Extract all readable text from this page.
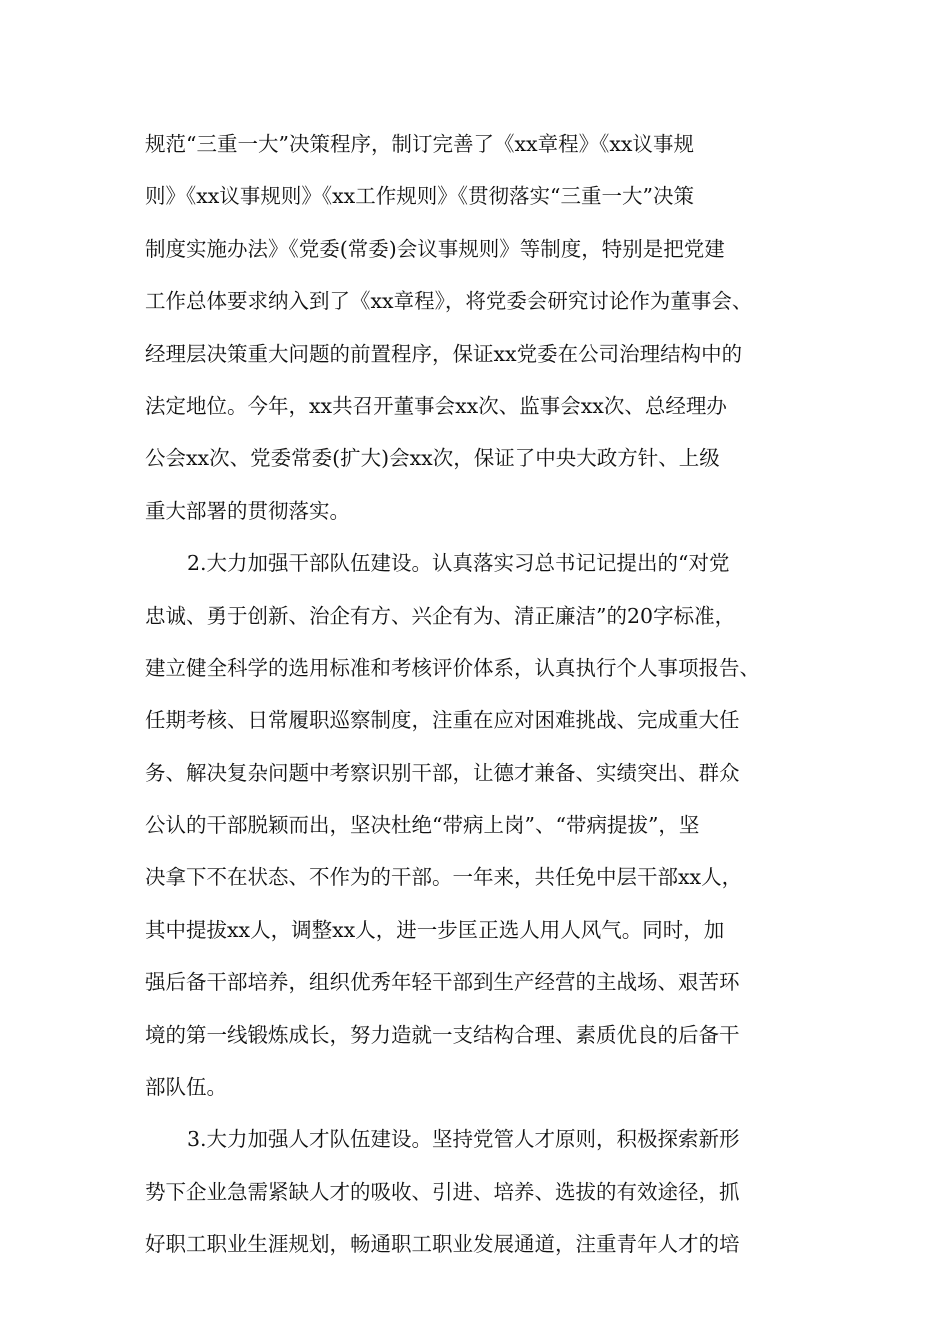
规范“三重一大”决策程序，制订完善了《xx章程》《xx议事规
则》《xx议事规则》《xx工作规则》《贯彻落实“三重一大”决策
制度实施办法》《党委(常委)会议事规则》等制度，特别是把党建
工作总体要求纳入到了《xx章程》，将党委会研究讨论作为董事会、
经理层决策重大问题的前置程序，保证xx党委在公司治理结构中的
法定地位。今年，xx共召开董事会xx次、监事会xx次、总经理办
公会xx次、党委常委(扩大)会xx次，保证了中央大政方针、上级
重大部署的贯彻落实。
2.大力加强干部队伍建设。认真落实习总书记记提出的“对党
忠诚、勇于创新、治企有方、兴企有为、清正廉洁”的20字标准，
建立健全科学的选用标准和考核评价体系，认真执行个人事项报告、
任期考核、日常履职巡察制度，注重在应对困难挑战、完成重大任
务、解决复杂问题中考察识别干部，让德才兼备、实绩突出、群众
公认的干部脱颖而出，坚决杜绝“带病上岗”、“带病提拔”，坚
决拿下不在状态、不作为的干部。一年来，共任免中层干部xx人，
其中提拔xx人，调整xx人，进一步匡正选人用人风气。同时，加
强后备干部培养，组织优秀年轻干部到生产经营的主战场、艰苦环
境的第一线锻炼成长，努力造就一支结构合理、素质优良的后备干
部队伍。
3.大力加强人才队伍建设。坚持党管人才原则，积极探索新形
势下企业急需紧缺人才的吸收、引进、培养、选拔的有效途径，抓
好职工职业生涯规划，畅通职工职业发展通道，注重青年人才的培
